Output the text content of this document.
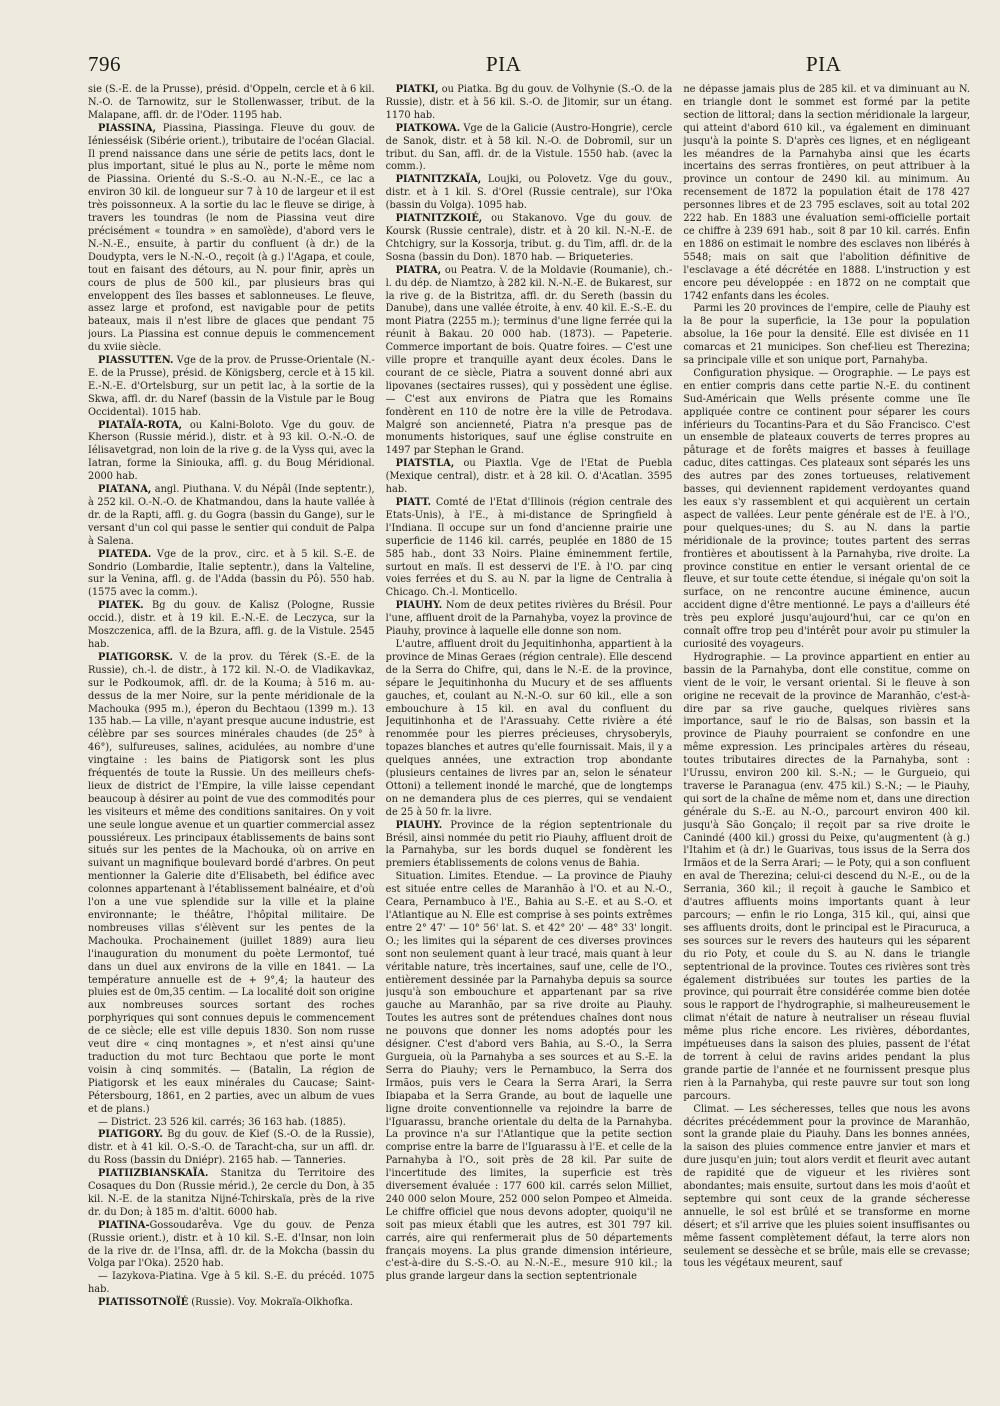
796	PIA	PIA

sie (S.-E. de la Prusse), présid. d'Oppeln, cercle et à 6 kil. N.-O. de Tarnowitz, sur le Stollenwasser, tribut. de la Malapane, affl. dr. de l'Oder. 1195 hab.

PIASSINA, Piassina, Piassinga. Fleuve du gouv. de Iéniesséisk (Sibérie orient.), tributaire de l'océan Glacial. Il prend naissance dans une série de petits lacs, dont le plus important, situé le plus au N., porte le même nom de Piassina. Orienté du S.-S.-O. au N.-N.-E., ce lac a environ 30 kil. de longueur sur 7 à 10 de largeur et il est très poissonneux. A la sortie du lac le fleuve se dirige, à travers les toundras (le nom de Piassina veut dire précisément « toundra » en samoïède), d'abord vers le N.-N.-E., ensuite, à partir du confluent (à dr.) de la Doudypta, vers le N.-N.-O., reçoit (à g.) l'Agapa, et coule, tout en faisant des détours, au N. pour finir, après un cours de plus de 500 kil., par plusieurs bras qui enveloppent des îles basses et sablonneuses. Le fleuve, assez large et profond, est navigable pour de petits bateaux, mais il n'est libre de glaces que pendant 75 jours. La Piassina est connue depuis le commencement du xviie siècle.

PIASSUTTEN. Vge de la prov. de Prusse-Orientale (N.-E. de la Prusse), présid. de Königsberg, cercle et à 15 kil. E.-N.-E. d'Ortelsburg, sur un petit lac, à la sortie de la Skwa, affl. dr. du Naref (bassin de la Vistule par le Boug Occidental). 1015 hab.

PIATAÏA-ROTA, ou Kalni-Boloto. Vge du gouv. de Kherson (Russie mérid.), distr. et à 93 kil. O.-N.-O. de Iélisavetgrad, non loin de la rive g. de la Vyss qui, avec la Iatran, forme la Siniouka, affl. g. du Boug Méridional. 2000 hab.

PIATANA, angl. Piuthana. V. du Népâl (Inde septentr.), à 252 kil. O.-N.-O. de Khatmandou, dans la haute vallée à dr. de la Rapti, affl. g. du Gogra (bassin du Gange), sur le versant d'un col qui passe le sentier qui conduit de Palpa à Salena.

PIATEDA. Vge de la prov., circ. et à 5 kil. S.-E. de Sondrio (Lombardie, Italie septentr.), dans la Valteline, sur la Venina, affl. g. de l'Adda (bassin du Pô). 550 hab. (1575 avec la comm.).

PIATEK. Bg du gouv. de Kalisz (Pologne, Russie occid.), distr. et à 19 kil. E.-N.-E. de Leczyca, sur la Moszczenica, affl. de la Bzura, affl. g. de la Vistule. 2545 hab.

PIATIGORSK. V. de la prov. du Térek (S.-E. de la Russie), ch.-l. de distr., à 172 kil. N.-O. de Vladikavkaz, sur le Podkoumok, affl. dr. de la Kouma; à 516 m. au-dessus de la mer Noire, sur la pente méridionale de la Machouka (995 m.), éperon du Bechtaou (1399 m.). 13 135 hab.— La ville, n'ayant presque aucune industrie, est célèbre par ses sources minérales chaudes (de 25° à 46°), sulfureuses, salines, acidulées, au nombre d'une vingtaine : les bains de Piatigorsk sont les plus fréquentés de toute la Russie. Un des meilleurs chefs-lieux de district de l'Empire, la ville laisse cependant beaucoup à désirer au point de vue des commodités pour les visiteurs et même des conditions sanitaires. On y voit une seule longue avenue et un quartier commercial assez poussiéreux. Les principaux établissements de bains sont situés sur les pentes de la Machouka, où on arrive en suivant un magnifique boulevard bordé d'arbres. On peut mentionner la Galerie dite d'Elisabeth, bel édifice avec colonnes appartenant à l'établissement balnéaire, et d'où l'on a une vue splendide sur la ville et la plaine environnante; le théâtre, l'hôpital militaire. De nombreuses villas s'élèvent sur les pentes de la Machouka. Prochainement (juillet 1889) aura lieu l'inauguration du monument du poète Lermontof, tué dans un duel aux environs de la ville en 1841. — La température annuelle est de + 9°,4; la hauteur des pluies est de 0m,35 centim. — La localité doit son origine aux nombreuses sources sortant des roches porphyriques qui sont connues depuis le commencement de ce siècle; elle est ville depuis 1830. Son nom russe veut dire « cinq montagnes », et n'est ainsi qu'une traduction du mot turc Bechtaou que porte le mont voisin à cinq sommités. — (Batalin, La région de Piatigorsk et les eaux minérales du Caucase; Saint-Pétersbourg, 1861, en 2 parties, avec un album de vues et de plans.)

— District. 23 526 kil. carrés; 36 163 hab. (1885).

PIATIGORY. Bg du gouv. de Kief (S.-O. de la Russie), distr. et à 41 kil. O.-S.-O. de Taracht-cha, sur un affl. dr. du Ross (bassin du Dniépr). 2165 hab. — Tanneries.

PIATIIZBIANSKAÏA. Stanitza du Territoire des Cosaques du Don (Russie mérid.), 2e cercle du Don, à 35 kil. N.-E. de la stanitza Nijné-Tchirskaïa, près de la rive dr. du Don; à 185 m. d'altit. 6000 hab.

PIATINA-Gossoudarêva. Vge du gouv. de Penza (Russie orient.), distr. et à 10 kil. S.-E. d'Insar, non loin de la rive dr. de l'Insa, affl. dr. de la Mokcha (bassin du Volga par l'Oka). 2520 hab.

— Iazykova-Piatina. Vge à 5 kil. S.-E. du précéd. 1075 hab.

PIATISSOTNOÏÉ (Russie). Voy. Mokraïa-Olkhofka.

PIATKI, ou Piatka. Bg du gouv. de Volhynie (S.-O. de la Russie), distr. et à 56 kil. S.-O. de Jitomir, sur un étang. 1170 hab.

PIATKOWA. Vge de la Galicie (Austro-Hongrie), cercle de Sanok, distr. et à 58 kil. N.-O. de Dobromil, sur un tribut. du San, affl. dr. de la Vistule. 1550 hab. (avec la comm.).

PIATNITZKAÏA, Loujki, ou Polovetz. Vge du gouv., distr. et à 1 kil. S. d'Orel (Russie centrale), sur l'Oka (bassin du Volga). 1095 hab.

PIATNITZKOIÉ, ou Stakanovo. Vge du gouv. de Koursk (Russie centrale), distr. et à 20 kil. N.-N.-E. de Chtchigry, sur la Kossorja, tribut. g. du Tim, affl. dr. de la Sosna (bassin du Don). 1870 hab. — Briqueteries.

PIATRA, ou Peatra. V. de la Moldavie (Roumanie), ch.-l. du dép. de Niamtzo, à 282 kil. N.-N.-E. de Bukarest, sur la rive g. de la Bistritza, affl. dr. du Sereth (bassin du Danube), dans une vallée étroite, à env. 40 kil. E.-S.-E. du mont Piatra (2255 m.); terminus d'une ligne ferrée qui la réunit à Bakau. 20 000 hab. (1873). — Papeterie. Commerce important de bois. Quatre foires. — C'est une ville propre et tranquille ayant deux écoles. Dans le courant de ce siècle, Piatra a souvent donné abri aux lipovanes (sectaires russes), qui y possèdent une église. — C'est aux environs de Piatra que les Romains fondèrent en 110 de notre ère la ville de Petrodava. Malgré son ancienneté, Piatra n'a presque pas de monuments historiques, sauf une église construite en 1497 par Stephan le Grand.

PIATSTLA, ou Piaxtla. Vge de l'Etat de Puebla (Mexique central), distr. et à 28 kil. O. d'Acatlan. 3595 hab.

PIATT. Comté de l'Etat d'Illinois (région centrale des Etats-Unis), à l'E., à mi-distance de Springfield à l'Indiana. Il occupe sur un fond d'ancienne prairie une superficie de 1146 kil. carrés, peuplée en 1880 de 15 585 hab., dont 33 Noirs. Plaine éminemment fertile, surtout en maïs. Il est desservi de l'E. à l'O. par cinq voies ferrées et du S. au N. par la ligne de Centralia à Chicago. Ch.-l. Monticello.

PIAUHY. Nom de deux petites rivières du Brésil. Pour l'une, affluent droit de la Parnahyba, voyez la province de Piauhy, province à laquelle elle donne son nom.

L'autre, affluent droit du Jequitinhonha, appartient à la province de Minas Geraes (région centrale). Elle descend de la Serra do Chifre, qui, dans le N.-E. de la province, sépare le Jequitinhonha du Mucury et de ses affluents gauches, et, coulant au N.-N.-O. sur 60 kil., elle a son embouchure à 15 kil. en aval du confluent du Jequitinhonha et de l'Arassuahy. Cette rivière a été renommée pour les pierres précieuses, chrysoberyls, topazes blanches et autres qu'elle fournissait. Mais, il y a quelques années, une extraction trop abondante (plusieurs centaines de livres par an, selon le sénateur Ottoni) a tellement inondé le marché, que de longtemps on ne demandera plus de ces pierres, qui se vendaient de 25 à 50 fr. la livre.

PIAUHY. Province de la région septentrionale du Brésil, ainsi nommée du petit rio Piauhy, affluent droit de la Parnahyba, sur les bords duquel se fondèrent les premiers établissements de colons venus de Bahia.

Situation. Limites. Etendue. — La province de Piauhy est située entre celles de Maranhão à l'O. et au N.-O., Ceara, Pernambuco à l'E., Bahia au S.-E. et au S.-O. et l'Atlantique au N. Elle est comprise à ses points extrêmes entre 2° 47' — 10° 56' lat. S. et 42° 20' — 48° 33' longit. O.; les limites qui la séparent de ces diverses provinces sont non seulement quant à leur tracé, mais quant à leur véritable nature, très incertaines, sauf une, celle de l'O., entièrement dessinée par la Parnahyba depuis sa source jusqu'à son embouchure et appartenant par sa rive gauche au Maranhão, par sa rive droite au Piauhy. Toutes les autres sont de prétendues chaînes dont nous ne pouvons que donner les noms adoptés pour les désigner. C'est d'abord vers Bahia, au S.-O., la Serra Gurgueia, où la Parnahyba a ses sources et au S.-E. la Serra do Piauhy; vers le Pernambuco, la Serra dos Irmãos, puis vers le Ceara la Serra Arari, la Serra Ibiapaba et la Serra Grande, au bout de laquelle une ligne droite conventionnelle va rejoindre la barre de l'Iguarassu, branche orientale du delta de la Parnahyba. La province n'a sur l'Atlantique que la petite section comprise entre la barre de l'Iguarassu à l'E. et celle de la Parnahyba à l'O., soit près de 28 kil. Par suite de l'incertitude des limites, la superficie est très diversement évaluée : 177 600 kil. carrés selon Milliet, 240 000 selon Moure, 252 000 selon Pompeo et Almeida. Le chiffre officiel que nous devons adopter, quoiqu'il ne soit pas mieux établi que les autres, est 301 797 kil. carrés, aire qui renfermerait plus de 50 départements français moyens. La plus grande dimension intérieure, c'est-à-dire du S.-S.-O. au N.-N.-E., mesure 910 kil.; la plus grande largeur dans la section septentrionale

ne dépasse jamais plus de 285 kil. et va diminuant au N. en triangle dont le sommet est formé par la petite section de littoral; dans la section méridionale la largeur, qui atteint d'abord 610 kil., va également en diminuant jusqu'à la pointe S. D'après ces lignes, et en négligeant les méandres de la Parnahyba ainsi que les écarts incertains des serras frontières, on peut attribuer à la province un contour de 2490 kil. au minimum. Au recensement de 1872 la population était de 178 427 personnes libres et de 23 795 esclaves, soit au total 202 222 hab. En 1883 une évaluation semi-officielle portait ce chiffre à 239 691 hab., soit 8 par 10 kil. carrés. Enfin en 1886 on estimait le nombre des esclaves non libérés à 5548; mais on sait que l'abolition définitive de l'esclavage a été décrétée en 1888. L'instruction y est encore peu développée : en 1872 on ne comptait que 1742 enfants dans les écoles.

Parmi les 20 provinces de l'empire, celle de Piauhy est la 8e pour la superficie, la 13e pour la population absolue, la 16e pour la densité. Elle est divisée en 11 comarcas et 21 municipes. Son chef-lieu est Therezina; sa principale ville et son unique port, Parnahyba.

Configuration physique. — Orographie. — Le pays est en entier compris dans cette partie N.-E. du continent Sud-Américain que Wells présente comme une île appliquée contre ce continent pour séparer les cours inférieurs du Tocantins-Para et du São Francisco. C'est un ensemble de plateaux couverts de terres propres au pâturage et de forêts maigres et basses à feuillage caduc, dites cattingas. Ces plateaux sont séparés les uns des autres par des zones tortueuses, relativement basses, qui deviennent rapidement verdoyantes quand les eaux s'y rassemblent et qui acquièrent un certain aspect de vallées. Leur pente générale est de l'E. à l'O., pour quelques-unes; du S. au N. dans la partie méridionale de la province; toutes partent des serras frontières et aboutissent à la Parnahyba, rive droite. La province constitue en entier le versant oriental de ce fleuve, et sur toute cette étendue, si inégale qu'on soit la surface, on ne rencontre aucune éminence, aucun accident digne d'être mentionné. Le pays a d'ailleurs été très peu exploré jusqu'aujourd'hui, car ce qu'on en connaît offre trop peu d'intérêt pour avoir pu stimuler la curiosité des voyageurs.

Hydrographie. — La province appartient en entier au bassin de la Parnahyba, dont elle constitue, comme on vient de le voir, le versant oriental. Si le fleuve à son origine ne recevait de la province de Maranhão, c'est-à-dire par sa rive gauche, quelques rivières sans importance, sauf le rio de Balsas, son bassin et la province de Piauhy pourraient se confondre en une même expression. Les principales artères du réseau, toutes tributaires directes de la Parnahyba, sont : l'Urussu, environ 200 kil. S.-N.; — le Gurgueio, qui traverse le Paranagua (env. 475 kil.) S.-N.; — le Piauhy, qui sort de la chaîne de même nom et, dans une direction générale du S.-E. au N.-O., parcourt environ 400 kil. jusqu'à São Gonçalo; il reçoit par sa rive droite le Canindé (400 kil.) grossi du Peixe, qu'augmentent (à g.) l'Itahim et (à dr.) le Guarivas, tous issus de la Serra dos Irmãos et de la Serra Arari; — le Poty, qui a son confluent en aval de Therezina; celui-ci descend du N.-E., ou de la Serrania, 360 kil.; il reçoit à gauche le Sambico et d'autres affluents moins importants quant à leur parcours; — enfin le rio Longa, 315 kil., qui, ainsi que ses affluents droits, dont le principal est le Piracuruca, a ses sources sur le revers des hauteurs qui les séparent du rio Poty, et coule du S. au N. dans le triangle septentrional de la province. Toutes ces rivières sont très également distribuées sur toutes les parties de la province, qui pourrait être considérée comme bien dotée sous le rapport de l'hydrographie, si malheureusement le climat n'était de nature à neutraliser un réseau fluvial même plus riche encore. Les rivières, débordantes, impétueuses dans la saison des pluies, passent de l'état de torrent à celui de ravins arides pendant la plus grande partie de l'année et ne fournissent presque plus rien à la Parnahyba, qui reste pauvre sur tout son long parcours.

Climat. — Les sécheresses, telles que nous les avons décrites précédemment pour la province de Maranhão, sont la grande plaie du Piauhy. Dans les bonnes années, la saison des pluies commence entre janvier et mars et dure jusqu'en juin; tout alors verdit et fleurit avec autant de rapidité que de vigueur et les rivières sont abondantes; mais ensuite, surtout dans les mois d'août et septembre qui sont ceux de la grande sécheresse annuelle, le sol est brûlé et se transforme en morne désert; et s'il arrive que les pluies soient insuffisantes ou même fassent complètement défaut, la terre alors non seulement se dessèche et se brûle, mais elle se crevasse; tous les végétaux meurent, sauf
